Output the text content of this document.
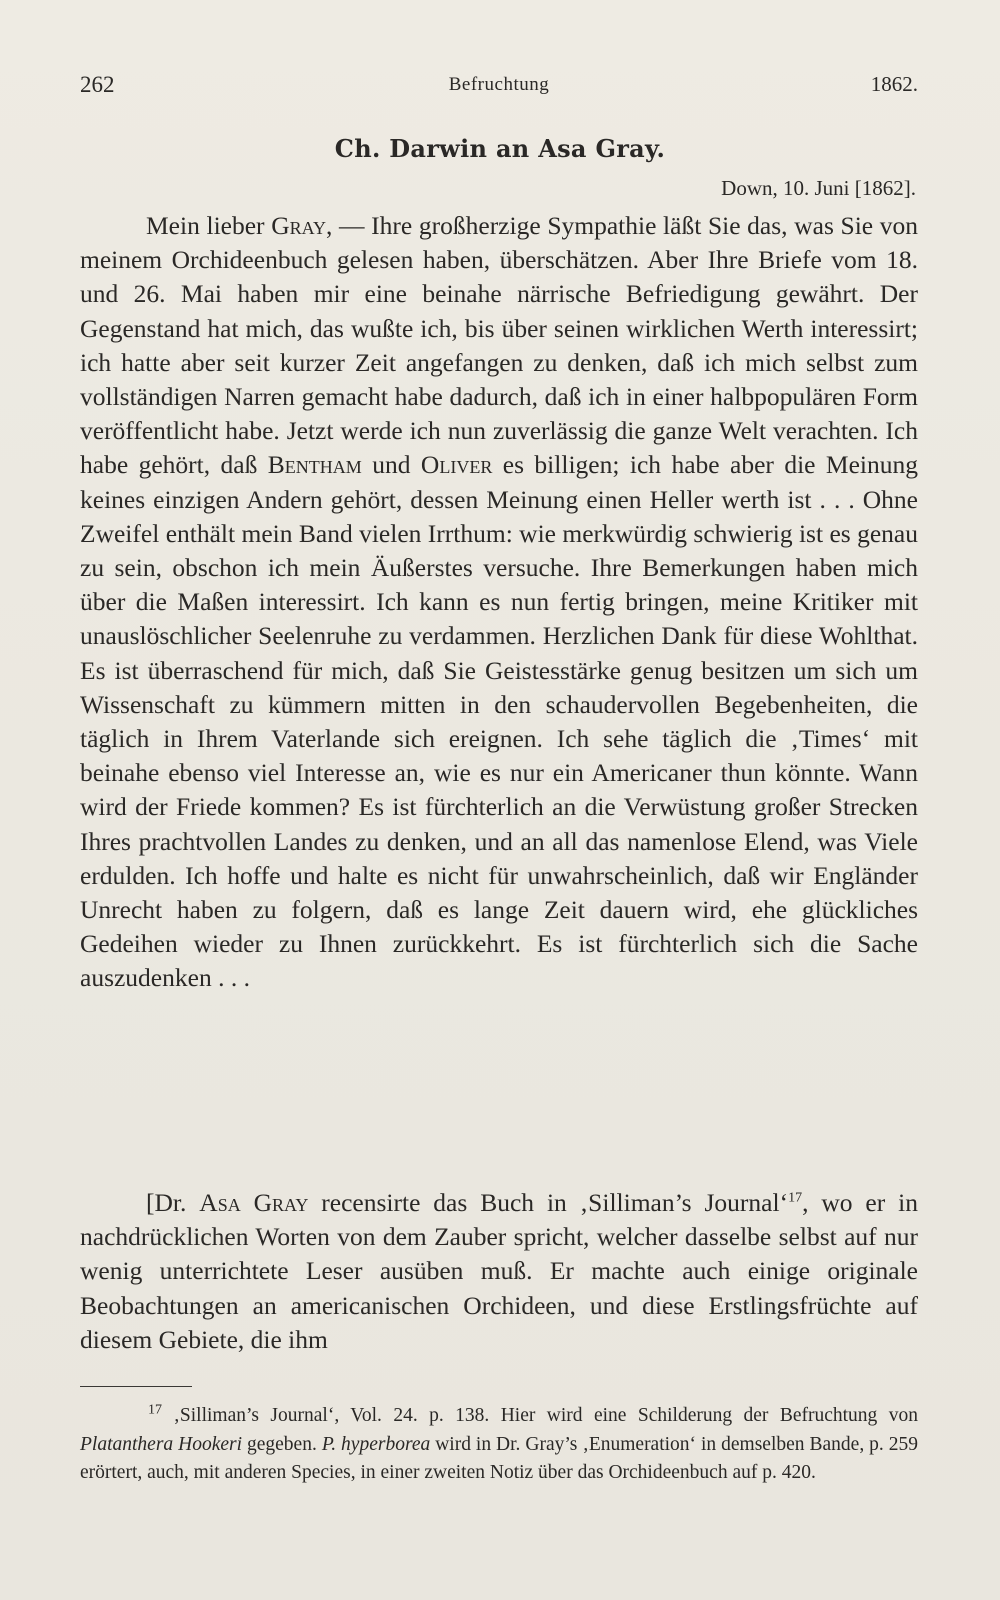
262	Befruchtung	1862.
Ch. Darwin an Asa Gray.
Down, 10. Juni [1862].

Mein lieber Gray, — Ihre großherzige Sympathie läßt Sie das, was Sie von meinem Orchideenbuch gelesen haben, überschätzen. Aber Ihre Briefe vom 18. und 26. Mai haben mir eine beinahe närrische Befriedigung gewährt. Der Gegenstand hat mich, das wußte ich, bis über seinen wirklichen Werth interessirt; ich hatte aber seit kurzer Zeit angefangen zu denken, daß ich mich selbst zum vollständigen Narren gemacht habe dadurch, daß ich in einer halbpopulären Form veröffentlicht habe. Jetzt werde ich nun zuverlässig die ganze Welt verachten. Ich habe gehört, daß Bentham und Oliver es billigen; ich habe aber die Meinung keines einzigen Andern gehört, dessen Meinung einen Heller werth ist . . . Ohne Zweifel enthält mein Band vielen Irrthum: wie merkwürdig schwierig ist es genau zu sein, obschon ich mein Äußerstes versuche. Ihre Bemerkungen haben mich über die Maßen interessirt. Ich kann es nun fertig bringen, meine Kritiker mit unauslöschlicher Seelenruhe zu verdammen. Herzlichen Dank für diese Wohlthat. Es ist überraschend für mich, daß Sie Geistesstärke genug besitzen um sich um Wissenschaft zu kümmern mitten in den schaudervollen Begebenheiten, die täglich in Ihrem Vaterlande sich ereignen. Ich sehe täglich die ‚Times‘ mit beinahe ebenso viel Interesse an, wie es nur ein Americaner thun könnte. Wann wird der Friede kommen? Es ist fürchterlich an die Verwüstung großer Strecken Ihres prachtvollen Landes zu denken, und an all das namenlose Elend, was Viele erdulden. Ich hoffe und halte es nicht für unwahrscheinlich, daß wir Engländer Unrecht haben zu folgern, daß es lange Zeit dauern wird, ehe glückliches Gedeihen wieder zu Ihnen zurückkehrt. Es ist fürchterlich sich die Sache auszudenken . . .

[Dr. Asa Gray recensirte das Buch in ‚Silliman’s Journal‘$^{17}$, wo er in nachdrücklichen Worten von dem Zauber spricht, welcher dasselbe selbst auf nur wenig unterrichtete Leser ausüben muß. Er machte auch einige originale Beobachtungen an americanischen Orchideen, und diese Erstlingsfrüchte auf diesem Gebiete, die ihm

$^{17}$ ‚Silliman’s Journal‘, Vol. 24. p. 138. Hier wird eine Schilderung der Befruchtung von Platanthera Hookeri gegeben. P. hyperborea wird in Dr. Gray’s ‚Enumeration‘ in demselben Bande, p. 259 erörtert, auch, mit anderen Species, in einer zweiten Notiz über das Orchideenbuch auf p. 420.
